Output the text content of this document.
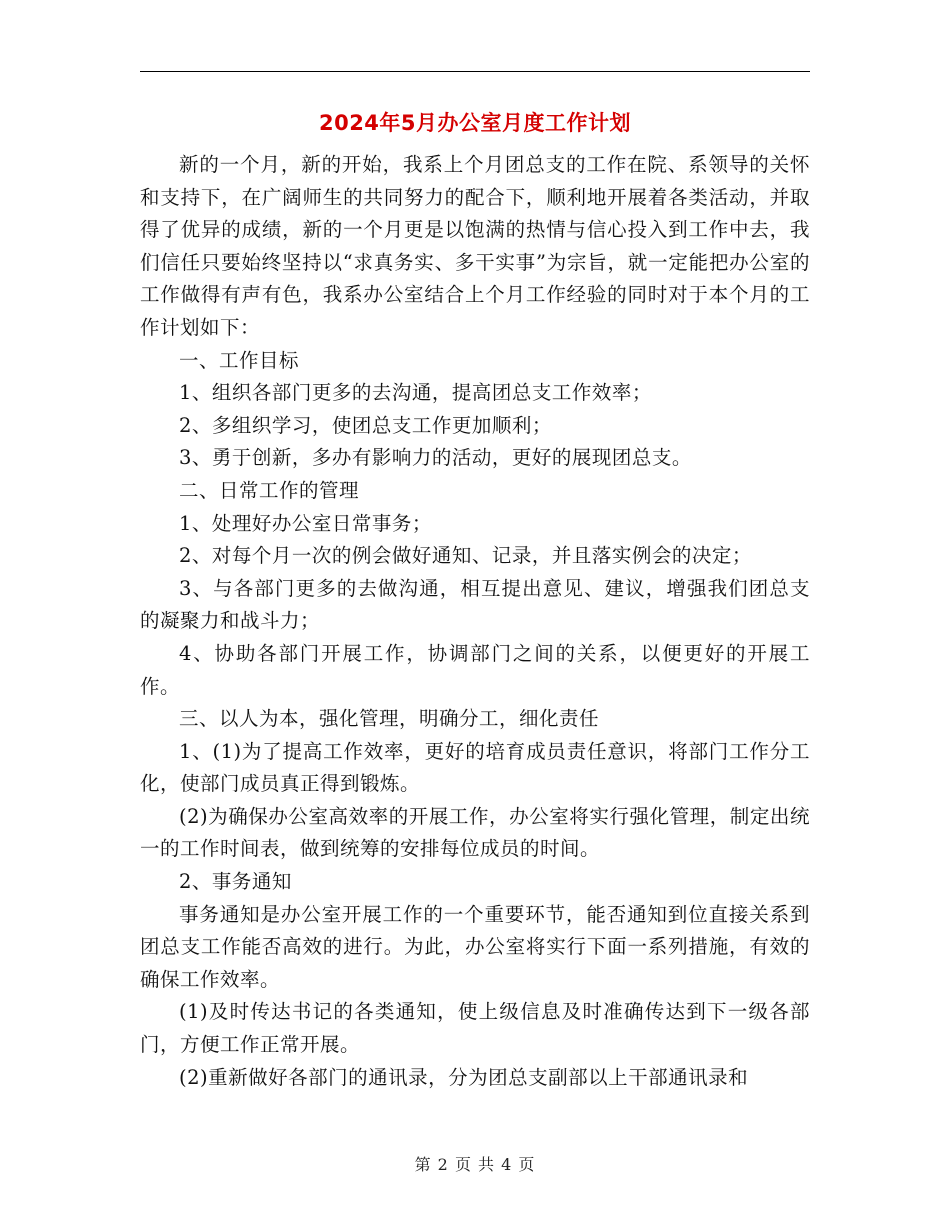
2024年5月办公室月度工作计划

新的一个月，新的开始，我系上个月团总支的工作在院、系领导的关怀和支持下，在广阔师生的共同努力的配合下，顺利地开展着各类活动，并取得了优异的成绩，新的一个月更是以饱满的热情与信心投入到工作中去，我们信任只要始终坚持以“求真务实、多干实事”为宗旨，就一定能把办公室的工作做得有声有色，我系办公室结合上个月工作经验的同时对于本个月的工作计划如下：

一、工作目标

1、组织各部门更多的去沟通，提高团总支工作效率；

2、多组织学习，使团总支工作更加顺利；

3、勇于创新，多办有影响力的活动，更好的展现团总支。

二、日常工作的管理

1、处理好办公室日常事务；

2、对每个月一次的例会做好通知、记录，并且落实例会的决定；

3、与各部门更多的去做沟通，相互提出意见、建议，增强我们团总支的凝聚力和战斗力；

4、协助各部门开展工作，协调部门之间的关系，以便更好的开展工作。

三、以人为本，强化管理，明确分工，细化责任

1、(1)为了提高工作效率，更好的培育成员责任意识，将部门工作分工化，使部门成员真正得到锻炼。

(2)为确保办公室高效率的开展工作，办公室将实行强化管理，制定出统一的工作时间表，做到统筹的安排每位成员的时间。

2、事务通知

事务通知是办公室开展工作的一个重要环节，能否通知到位直接关系到团总支工作能否高效的进行。为此，办公室将实行下面一系列措施，有效的确保工作效率。

(1)及时传达书记的各类通知，使上级信息及时准确传达到下一级各部门，方便工作正常开展。

(2)重新做好各部门的通讯录，分为团总支副部以上干部通讯录和

第 2 页 共 4 页
